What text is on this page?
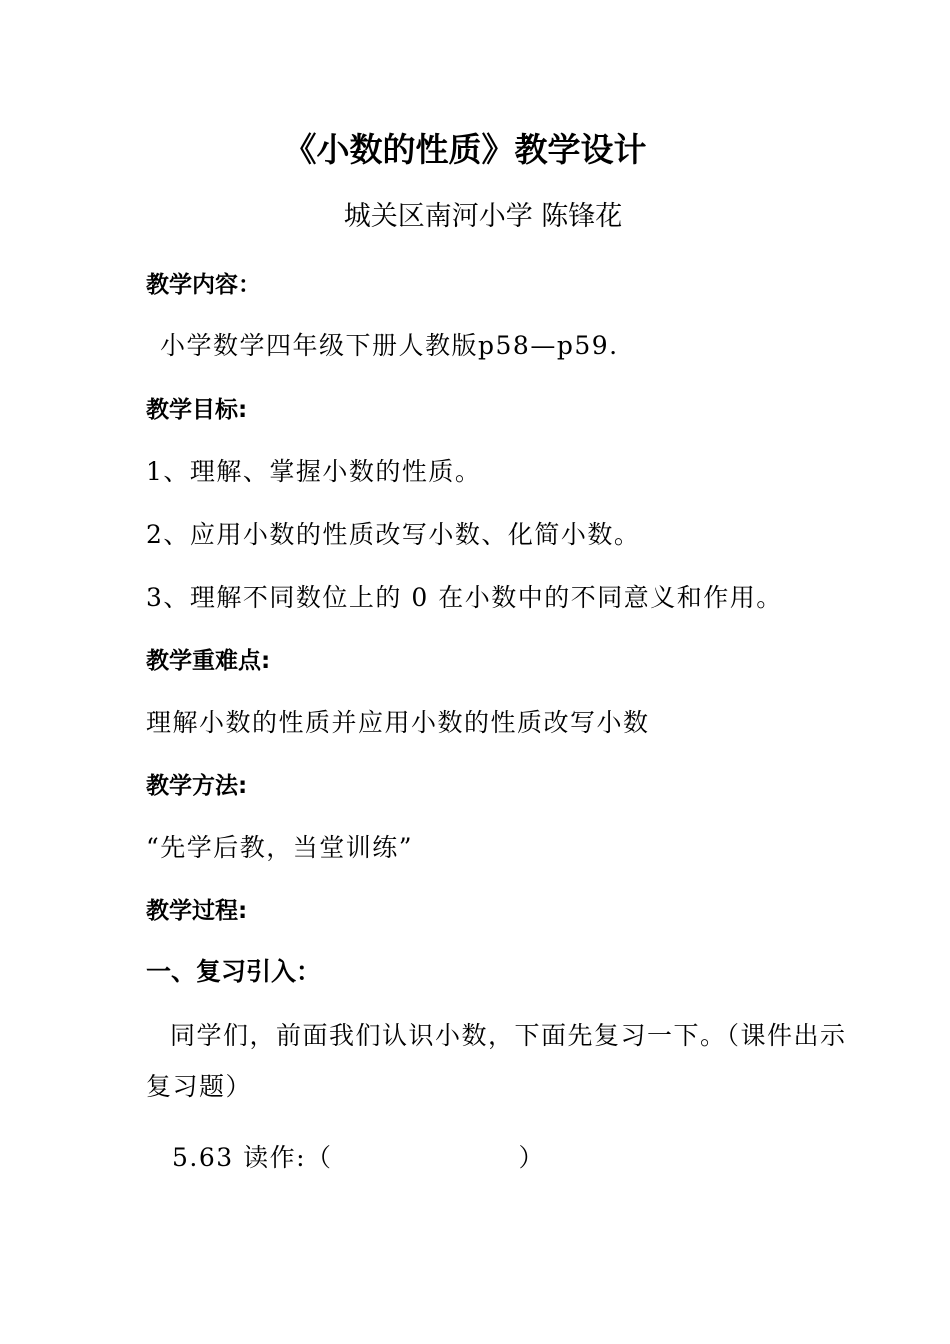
《小数的性质》教学设计
城关区南河小学 陈锋花
教学内容：
小学数学四年级下册人教版p58—p59.
教学目标:
1、理解、掌握小数的性质。
2、应用小数的性质改写小数、化简小数。
3、理解不同数位上的 0 在小数中的不同意义和作用。
教学重难点:
理解小数的性质并应用小数的性质改写小数
教学方法:
“先学后教，当堂训练”
教学过程:
一、复习引入：
同学们，前面我们认识小数，下面先复习一下。（课件出示
复习题）
5.63 读作:（	）
